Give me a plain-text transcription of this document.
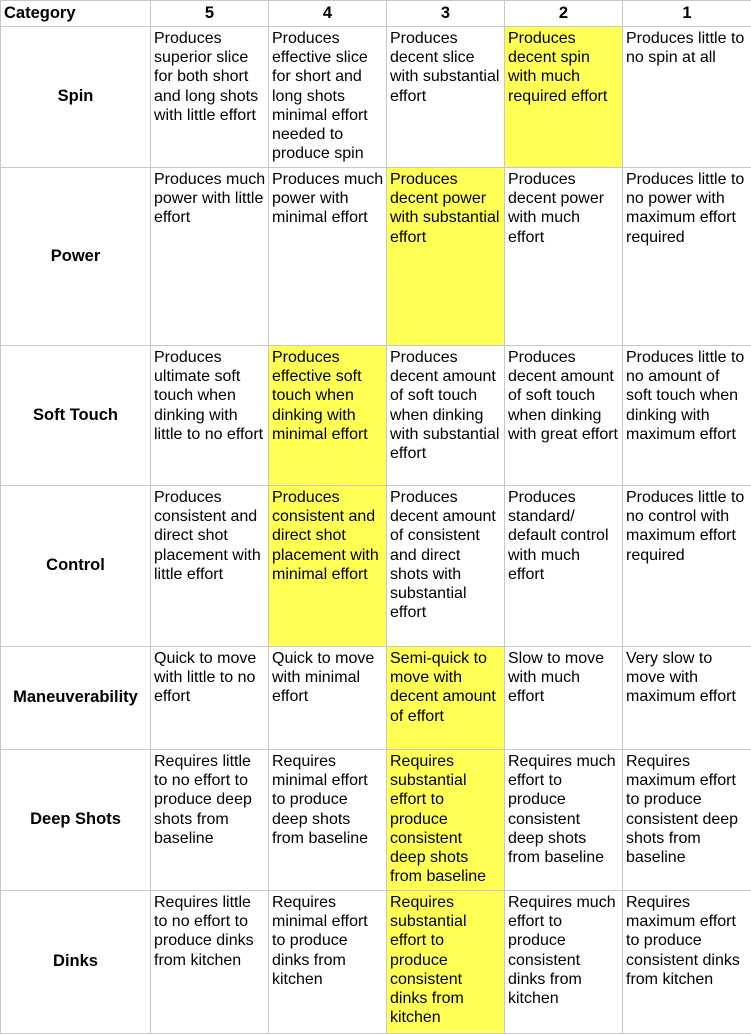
Category	5	4	3	2	1
Spin	Produces superior slice for both short and long shots with little effort	Produces effective slice for short and long shots minimal effort needed to produce spin	Produces decent slice with substantial effort	Produces decent spin with much required effort	Produces little to no spin at all
Power	Produces much power with little effort	Produces much power with minimal effort	Produces decent power with substantial effort	Produces decent power with much effort	Produces little to no power with maximum effort required
Soft Touch	Produces ultimate soft touch when dinking with little to no effort	Produces effective soft touch when dinking with minimal effort	Produces decent amount of soft touch when dinking with substantial effort	Produces decent amount of soft touch when dinking with great effort	Produces little to no amount of soft touch when dinking with maximum effort
Control	Produces consistent and direct shot placement with little effort	Produces consistent and direct shot placement with minimal effort	Produces decent amount of consistent and direct shots with substantial effort	Produces standard/ default control with much effort	Produces little to no control with maximum effort required
Maneuverability	Quick to move with little to no effort	Quick to move with minimal effort	Semi-quick to move with decent amount of effort	Slow to move with much effort	Very slow to move with maximum effort
Deep Shots	Requires little to no effort to produce deep shots from baseline	Requires minimal effort to produce deep shots from baseline	Requires substantial effort to produce consistent deep shots from baseline	Requires much effort to produce consistent deep shots from baseline	Requires maximum effort to produce consistent deep shots from baseline
Dinks	Requires little to no effort to produce dinks from kitchen	Requires minimal effort to produce dinks from kitchen	Requires substantial effort to produce consistent dinks from kitchen	Requires much effort to produce consistent dinks from kitchen	Requires maximum effort to produce consistent dinks from kitchen
